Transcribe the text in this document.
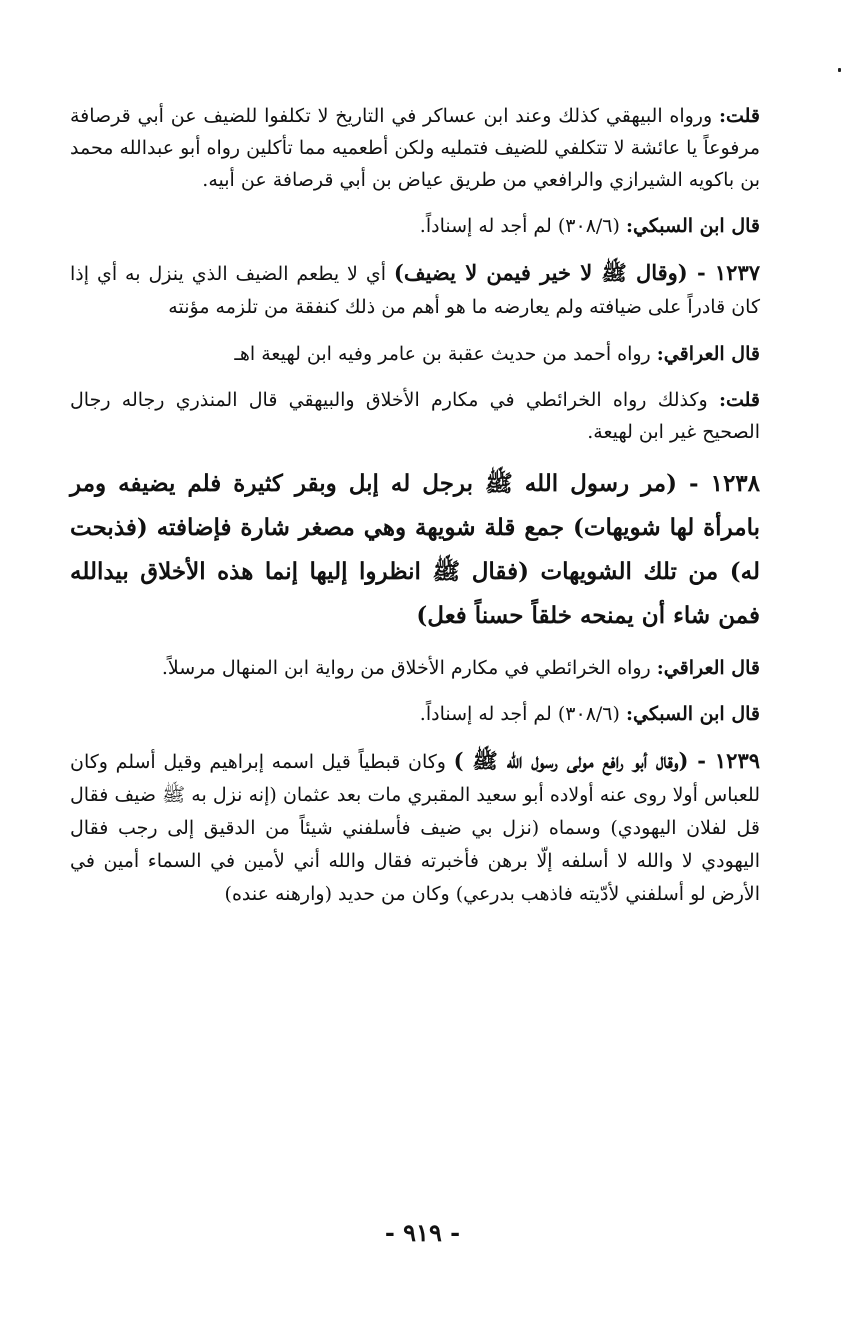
قلت: ورواه البيهقي كذلك وعند ابن عساكر في التاريخ لا تكلفوا للضيف عن أبي قرصافة مرفوعاً يا عائشة لا تتكلفي للضيف فتمليه ولكن أطعميه مما تأكلين رواه أبو عبدالله محمد بن باكويه الشيرازي والرافعي من طريق عياض بن أبي قرصافة عن أبيه.

قال ابن السبكي: (٣٠٨/٦) لم أجد له إسناداً.

١٢٣٧ - (وقال ﷺ لا خير فيمن لا يضيف) أي لا يطعم الضيف الذي ينزل به أي إذا كان قادراً على ضيافته ولم يعارضه ما هو أهم من ذلك كنفقة من تلزمه مؤنته

قال العراقي: رواه أحمد من حديث عقبة بن عامر وفيه ابن لهيعة اهـ

قلت: وكذلك رواه الخرائطي في مكارم الأخلاق والبيهقي قال المنذري رجاله رجال الصحيح غير ابن لهيعة.

١٢٣٨ - (مر رسول الله ﷺ برجل له إبل وبقر كثيرة فلم يضيفه ومر بامرأة لها شويهات) جمع قلة شويهة وهي مصغر شارة فإضافته (فذبحت له) من تلك الشويهات (فقال ﷺ انظروا إليها إنما هذه الأخلاق بيدالله فمن شاء أن يمنحه خلقاً حسناً فعل)

قال العراقي: رواه الخرائطي في مكارم الأخلاق من رواية ابن المنهال مرسلاً.

قال ابن السبكي: (٣٠٨/٦) لم أجد له إسناداً.

١٢٣٩ - (وقال أبو رافع مولى رسول الله ﷺ ) وكان قبطياً قيل اسمه إبراهيم وقيل أسلم وكان للعباس أولا روى عنه أولاده أبو سعيد المقبري مات بعد عثمان (إنه نزل به ﷺ ضيف فقال قل لفلان اليهودي) وسماه (نزل بي ضيف فأسلفني شيئاً من الدقيق إلى رجب فقال اليهودي لا والله لا أسلفه إلّا برهن فأخبرته فقال والله أني لأمين في السماء أمين في الأرض لو أسلفني لأدّيته فاذهب بدرعي) وكان من حديد (وارهنه عنده)

- ٩١٩ -
